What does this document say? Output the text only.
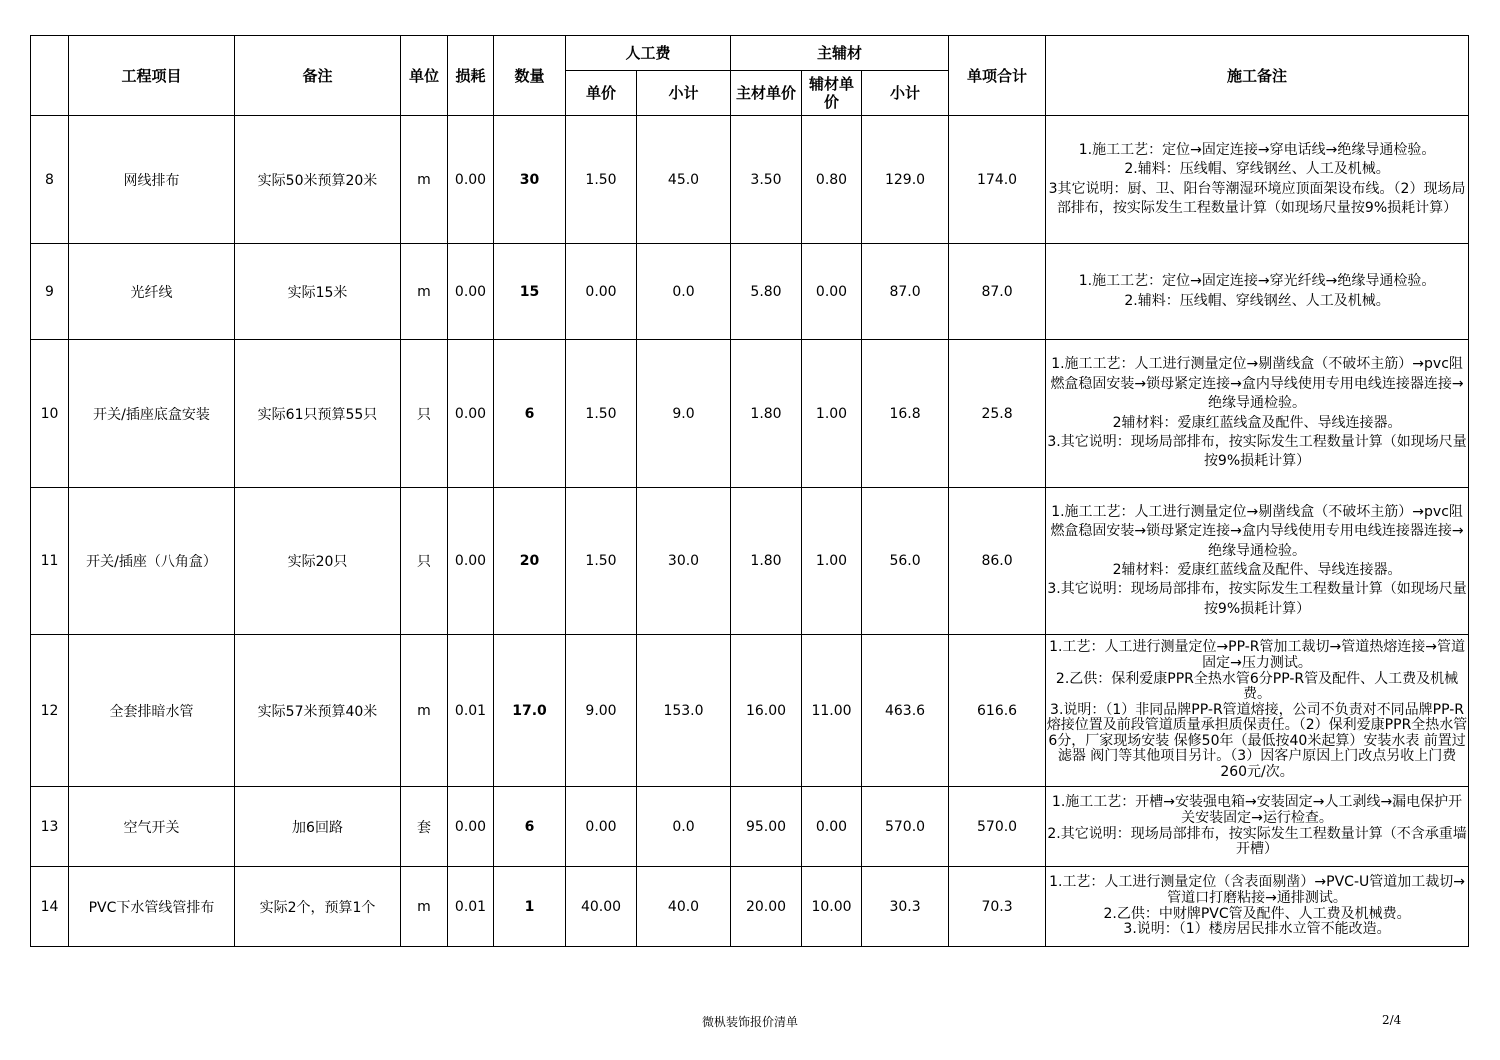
	工程项目	备注	单位	损耗	数量	人工费		主辅材			单项合计	施工备注
						单价	小计	主材单价	辅材单价	小计		
8	网线排布	实际50米预算20米	m	0.00	30	1.50	45.0	3.50	0.80	129.0	174.0	1.施工工艺：定位→固定连接→穿电话线→绝缘导通检验。
2.辅料：压线帽、穿线钢丝、人工及机械。
3其它说明：厨、卫、阳台等潮湿环境应顶面架设布线。（2）现场局部排布，按实际发生工程数量计算（如现场尺量按9%损耗计算）

9	光纤线	实际15米	m	0.00	15	0.00	0.0	5.80	0.00	87.0	87.0	1.施工工艺：定位→固定连接→穿光纤线→绝缘导通检验。
2.辅料：压线帽、穿线钢丝、人工及机械。

10	开关/插座底盒安装	实际61只预算55只	只	0.00	6	1.50	9.0	1.80	1.00	16.8	25.8	1.施工工艺：人工进行测量定位→剔凿线盒（不破坏主筋）→pvc阻燃盒稳固安装→锁母紧定连接→盒内导线使用专用电线连接器连接→绝缘导通检验。
2辅材料：爱康红蓝线盒及配件、导线连接器。
3.其它说明：现场局部排布，按实际发生工程数量计算（如现场尺量按9%损耗计算）

11	开关/插座（八角盒）	实际20只	只	0.00	20	1.50	30.0	1.80	1.00	56.0	86.0	1.施工工艺：人工进行测量定位→剔凿线盒（不破坏主筋）→pvc阻燃盒稳固安装→锁母紧定连接→盒内导线使用专用电线连接器连接→绝缘导通检验。
2辅材料：爱康红蓝线盒及配件、导线连接器。
3.其它说明：现场局部排布，按实际发生工程数量计算（如现场尺量按9%损耗计算）

12	全套排暗水管	实际57米预算40米	m	0.01	17.0	9.00	153.0	16.00	11.00	463.6	616.6	1.工艺：人工进行测量定位→PP-R管加工裁切→管道热熔连接→管道固定→压力测试。
2.乙供：保利爱康PPR全热水管6分PP-R管及配件、人工费及机械费。
3.说明：（1）非同品牌PP-R管道熔接，公司不负责对不同品牌PP-R熔接位置及前段管道质量承担质保责任。（2）保利爱康PPR全热水管6分，厂家现场安装 保修50年（最低按40米起算）安装水表 前置过滤器 阀门等其他项目另计。（3）因客户原因上门改点另收上门费260元/次。

13	空气开关	加6回路	套	0.00	6	0.00	0.0	95.00	0.00	570.0	570.0	1.施工工艺：开槽→安装强电箱→安装固定→人工剥线→漏电保护开关安装固定→运行检查。
2.其它说明：现场局部排布，按实际发生工程数量计算（不含承重墙开槽）

14	PVC下水管线管排布	实际2个，预算1个	m	0.01	1	40.00	40.0	20.00	10.00	30.3	70.3	1.工艺：人工进行测量定位（含表面剔凿）→PVC-U管道加工裁切→管道口打磨粘接→通排测试。
2.乙供：中财牌PVC管及配件、人工费及机械费。
3.说明：（1）楼房居民排水立管不能改造。
微枞装饰报价清单	2/4
